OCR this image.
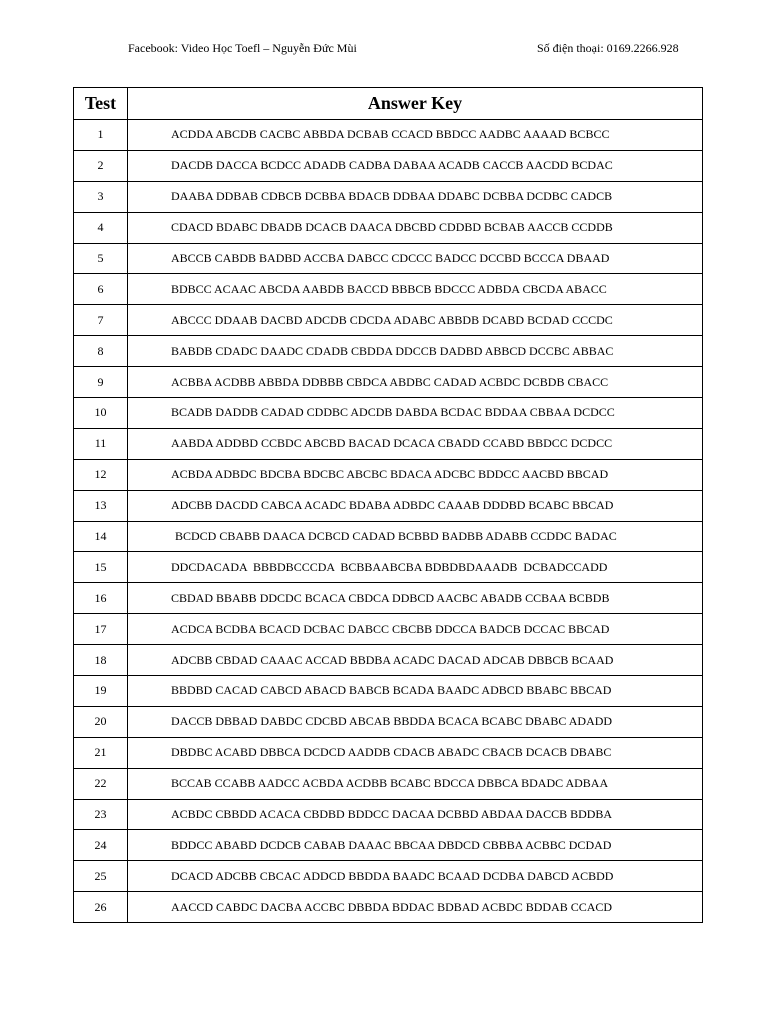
Facebook: Video Học Toefl – Nguyễn Đức Mùi	Số điện thoại: 0169.2266.928
Test	Answer Key
1	ACDDA ABCDB CACBC ABBDA DCBAB CCACD BBDCC AADBC AAAAD BCBCC
2	DACDB DACCA BCDCC ADADB CADBA DABAA ACADB CACCB AACDD BCDAC
3	DAABA DDBAB CDBCB DCBBA BDACB DDBAA DDABC DCBBA DCDBC CADCB
4	CDACD BDABC DBADB DCACB DAACA DBCBD CDDBD BCBAB AACCB CCDDB
5	ABCCB CABDB BADBD ACCBA DABCC CDCCC BADCC DCCBD BCCCA DBAAD
6	BDBCC ACAAC ABCDA AABDB BACCD BBBCB BDCCC ADBDA CBCDA ABACC
7	ABCCC DDAAB DACBD ADCDB CDCDA ADABC ABBDB DCABD BCDAD CCCDC
8	BABDB CDADC DAADC CDADB CBDDA DDCCB DADBD ABBCD DCCBC ABBAC
9	ACBBA ACDBB ABBDA DDBBB CBDCA ABDBC CADAD ACBDC DCBDB CBACC
10	BCADB DADDB CADAD CDDBC ADCDB DABDA BCDAC BDDAA CBBAA DCDCC
11	AABDA ADDBD CCBDC ABCBD BACAD DCACA CBADD CCABD BBDCC DCDCC
12	ACBDA ADBDC BDCBA BDCBC ABCBC BDACA ADCBC BDDCC AACBD BBCAD
13	ADCBB DACDD CABCA ACADC BDABA ADBDC CAAAB DDDBD BCABC BBCAD
14	BCDCD CBABB DAACA DCBCD CADAD BCBBD BADBB ADABB CCDDC BADAC
15	DDCDACADA  BBBDBCCCDA  BCBBAABCBA BDBDBDAAADB  DCBADCCADD
16	CBDAD BBABB DDCDC BCACA CBDCA DDBCD AACBC ABADB CCBAA BCBDB
17	ACDCA BCDBA BCACD DCBAC DABCC CBCBB DDCCA BADCB DCCAC BBCAD
18	ADCBB CBDAD CAAAC ACCAD BBDBA ACADC DACAD ADCAB DBBCB BCAAD
19	BBDBD CACAD CABCD ABACD BABCB BCADA BAADC ADBCD BBABC BBCAD
20	DACCB DBBAD DABDC CDCBD ABCAB BBDDA BCACA BCABC DBABC ADADD
21	DBDBC ACABD DBBCA DCDCD AADDB CDACB ABADC CBACB DCACB DBABC
22	BCCAB CCABB AADCC ACBDA ACDBB BCABC BDCCA DBBCA BDADC ADBAA
23	ACBDC CBBDD ACACA CBDBD BDDCC DACAA DCBBD ABDAA DACCB BDDBA
24	BDDCC ABABD DCDCB CABAB DAAAC BBCAA DBDCD CBBBA ACBBC DCDAD
25	DCACD ADCBB CBCAC ADDCD BBDDA BAADC BCAAD DCDBA DABCD ACBDD
26	AACCD CABDC DACBA ACCBC DBBDA BDDAC BDBAD ACBDC BDDAB CCACD
